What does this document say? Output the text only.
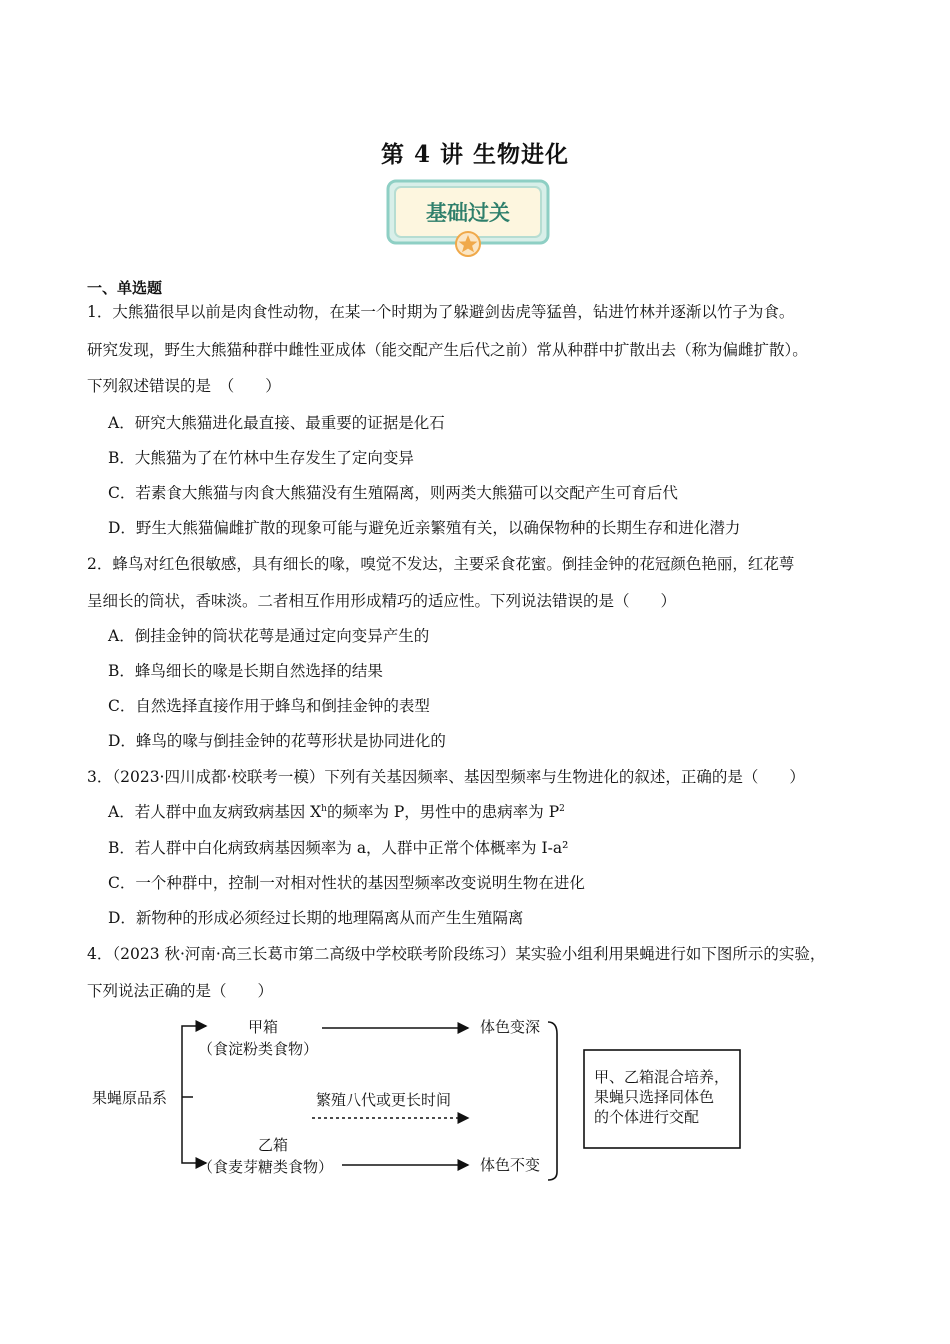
第 4 讲 生物进化
基础过关
一、单选题
1．大熊猫很早以前是肉食性动物，在某一个时期为了躲避剑齿虎等猛兽，钻进竹林并逐渐以竹子为食。
研究发现，野生大熊猫种群中雌性亚成体（能交配产生后代之前）常从种群中扩散出去（称为偏雌扩散）。
下列叙述错误的是　（　　）
A．研究大熊猫进化最直接、最重要的证据是化石
B．大熊猫为了在竹林中生存发生了定向变异
C．若素食大熊猫与肉食大熊猫没有生殖隔离，则两类大熊猫可以交配产生可育后代
D．野生大熊猫偏雌扩散的现象可能与避免近亲繁殖有关，以确保物种的长期生存和进化潜力
2．蜂鸟对红色很敏感，具有细长的喙，嗅觉不发达，主要采食花蜜。倒挂金钟的花冠颜色艳丽，红花萼
呈细长的筒状，香味淡。二者相互作用形成精巧的适应性。下列说法错误的是（　　）
A．倒挂金钟的筒状花萼是通过定向变异产生的
B．蜂鸟细长的喙是长期自然选择的结果
C．自然选择直接作用于蜂鸟和倒挂金钟的表型
D．蜂鸟的喙与倒挂金钟的花萼形状是协同进化的
3．（2023·四川成都·校联考一模）下列有关基因频率、基因型频率与生物进化的叙述，正确的是（　　）
A．若人群中血友病致病基因 $X^h$的频率为 P，男性中的患病率为 $P^2$
B．若人群中白化病致病基因频率为 a，人群中正常个体概率为 I-a²
C．一个种群中，控制一对相对性状的基因型频率改变说明生物在进化
D．新物种的形成必须经过长期的地理隔离从而产生生殖隔离
4．（2023 秋·河南·高三长葛市第二高级中学校联考阶段练习）某实验小组利用果蝇进行如下图所示的实验，
下列说法正确的是（　　）
果蝇原品系
甲箱
（食淀粉类食物）
体色变深
繁殖八代或更长时间
乙箱
（食麦芽糖类食物）	体色不变
甲、乙箱混合培养，
果蝇只选择同体色
的个体进行交配
